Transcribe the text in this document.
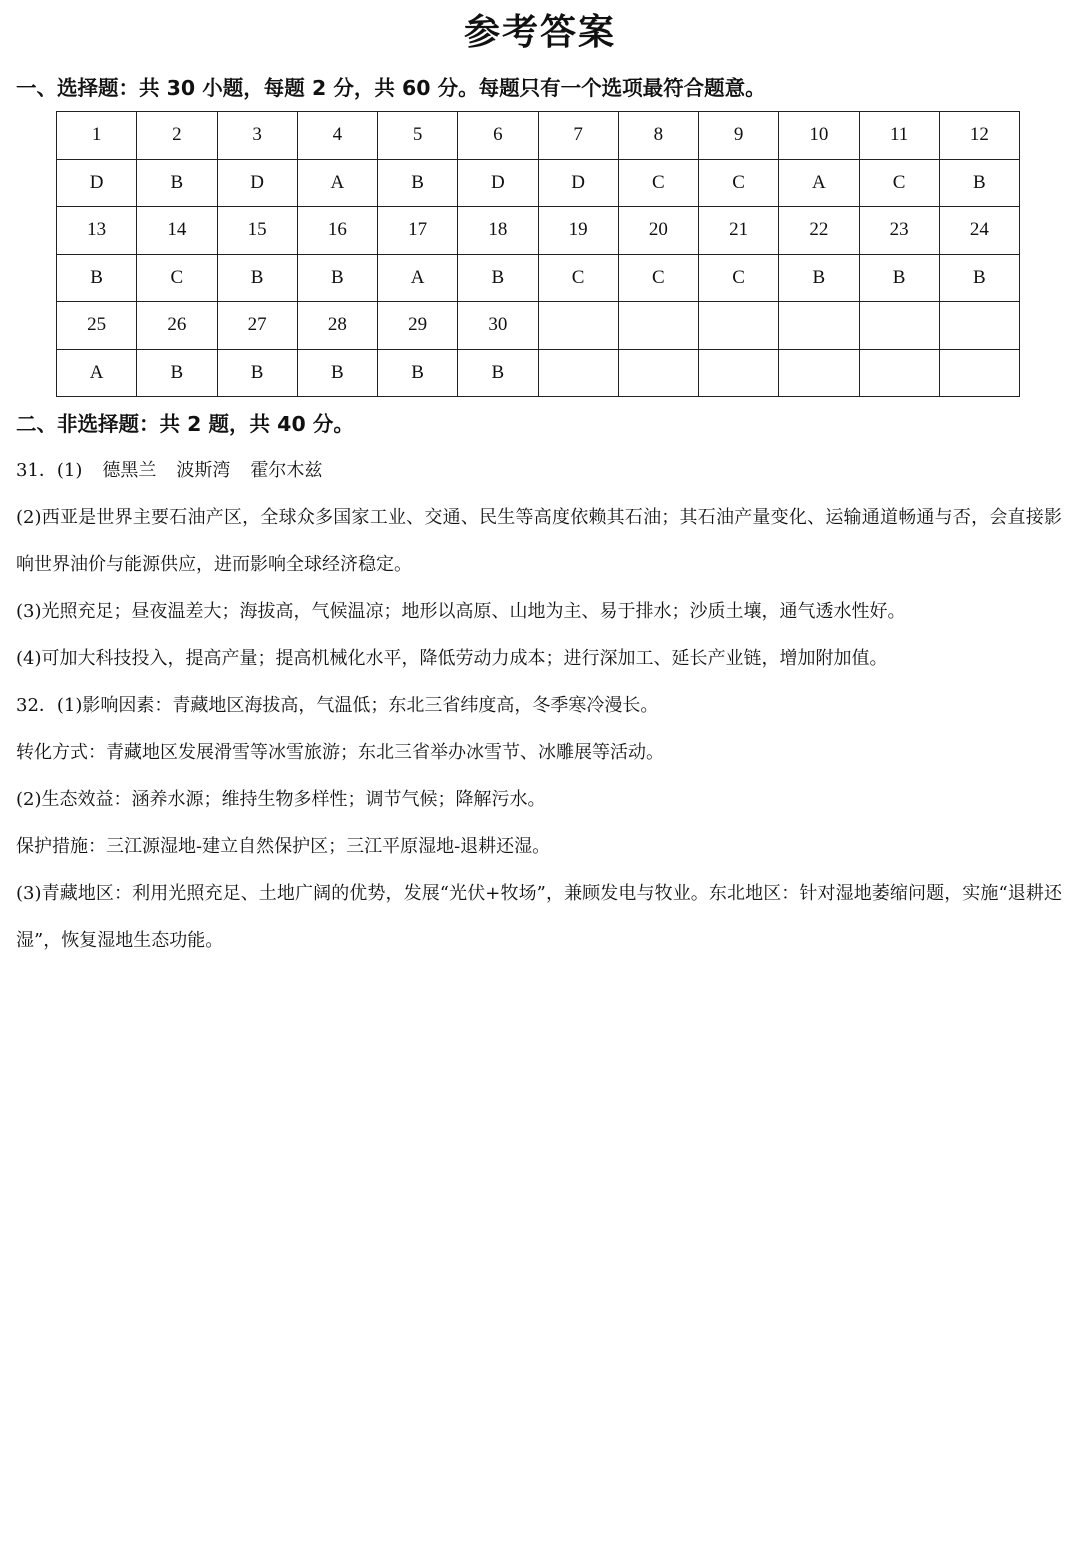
参考答案
一、选择题：共 30 小题，每题 2 分，共 60 分。每题只有一个选项最符合题意。
1	2	3	4	5	6	7	8	9	10	11	12
D	B	D	A	B	D	D	C	C	A	C	B
13	14	15	16	17	18	19	20	21	22	23	24
B	C	B	B	A	B	C	C	C	B	B	B
25	26	27	28	29	30						
A	B	B	B	B	B						
二、非选择题：共 2 题，共 40 分。

31．(1) 德黑兰 波斯湾 霍尔木兹

(2)西亚是世界主要石油产区，全球众多国家工业、交通、民生等高度依赖其石油；其石油产量变化、运输通道畅通与否，会直接影响世界油价与能源供应，进而影响全球经济稳定。

(3)光照充足；昼夜温差大；海拔高，气候温凉；地形以高原、山地为主、易于排水；沙质土壤，通气透水性好。

(4)可加大科技投入，提高产量；提高机械化水平，降低劳动力成本；进行深加工、延长产业链，增加附加值。

32．(1)影响因素：青藏地区海拔高，气温低；东北三省纬度高，冬季寒冷漫长。

转化方式：青藏地区发展滑雪等冰雪旅游；东北三省举办冰雪节、冰雕展等活动。

(2)生态效益：涵养水源；维持生物多样性；调节气候；降解污水。

保护措施：三江源湿地-建立自然保护区；三江平原湿地-退耕还湿。

(3)青藏地区：利用光照充足、土地广阔的优势，发展“光伏+牧场”，兼顾发电与牧业。东北地区：针对湿地萎缩问题，实施“退耕还湿”，恢复湿地生态功能。
